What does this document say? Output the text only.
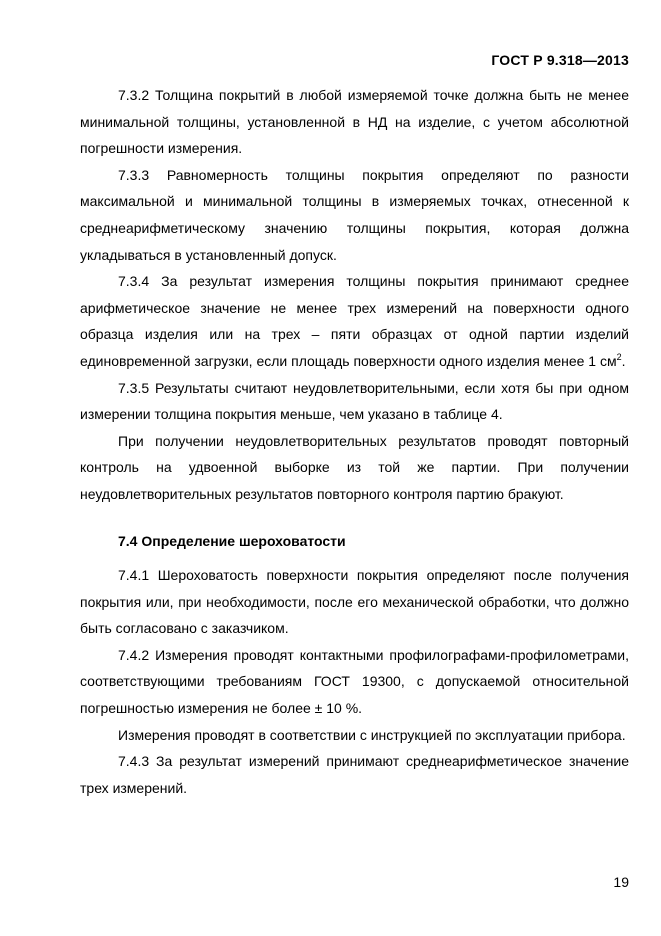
ГОСТ Р 9.318—2013

7.3.2 Толщина покрытий в любой измеряемой точке должна быть не менее минимальной толщины, установленной в НД на изделие, с учетом абсолютной погрешности измерения.

7.3.3 Равномерность толщины покрытия определяют по разности максимальной и минимальной толщины в измеряемых точках, отнесенной к среднеарифметическому значению толщины покрытия, которая должна укладываться в установленный допуск.

7.3.4 За результат измерения толщины покрытия принимают среднее арифметическое значение не менее трех измерений на поверхности одного образца изделия или на трех – пяти образцах от одной партии изделий единовременной загрузки, если площадь поверхности одного изделия менее 1 $см^2$.

7.3.5 Результаты считают неудовлетворительными, если хотя бы при одном измерении толщина покрытия меньше, чем указано в таблице 4.

При получении неудовлетворительных результатов проводят повторный контроль на удвоенной выборке из той же партии. При получении неудовлетворительных результатов повторного контроля партию бракуют.

7.4 Определение шероховатости

7.4.1 Шероховатость поверхности покрытия определяют после получения покрытия или, при необходимости, после его механической обработки, что должно быть согласовано с заказчиком.

7.4.2 Измерения проводят контактными профилографами-профилометрами, соответствующими требованиям ГОСТ 19300, с допускаемой относительной погрешностью измерения не более ± 10 %.

Измерения проводят в соответствии с инструкцией по эксплуатации прибора.

7.4.3 За результат измерений принимают среднеарифметическое значение трех измерений.

19
